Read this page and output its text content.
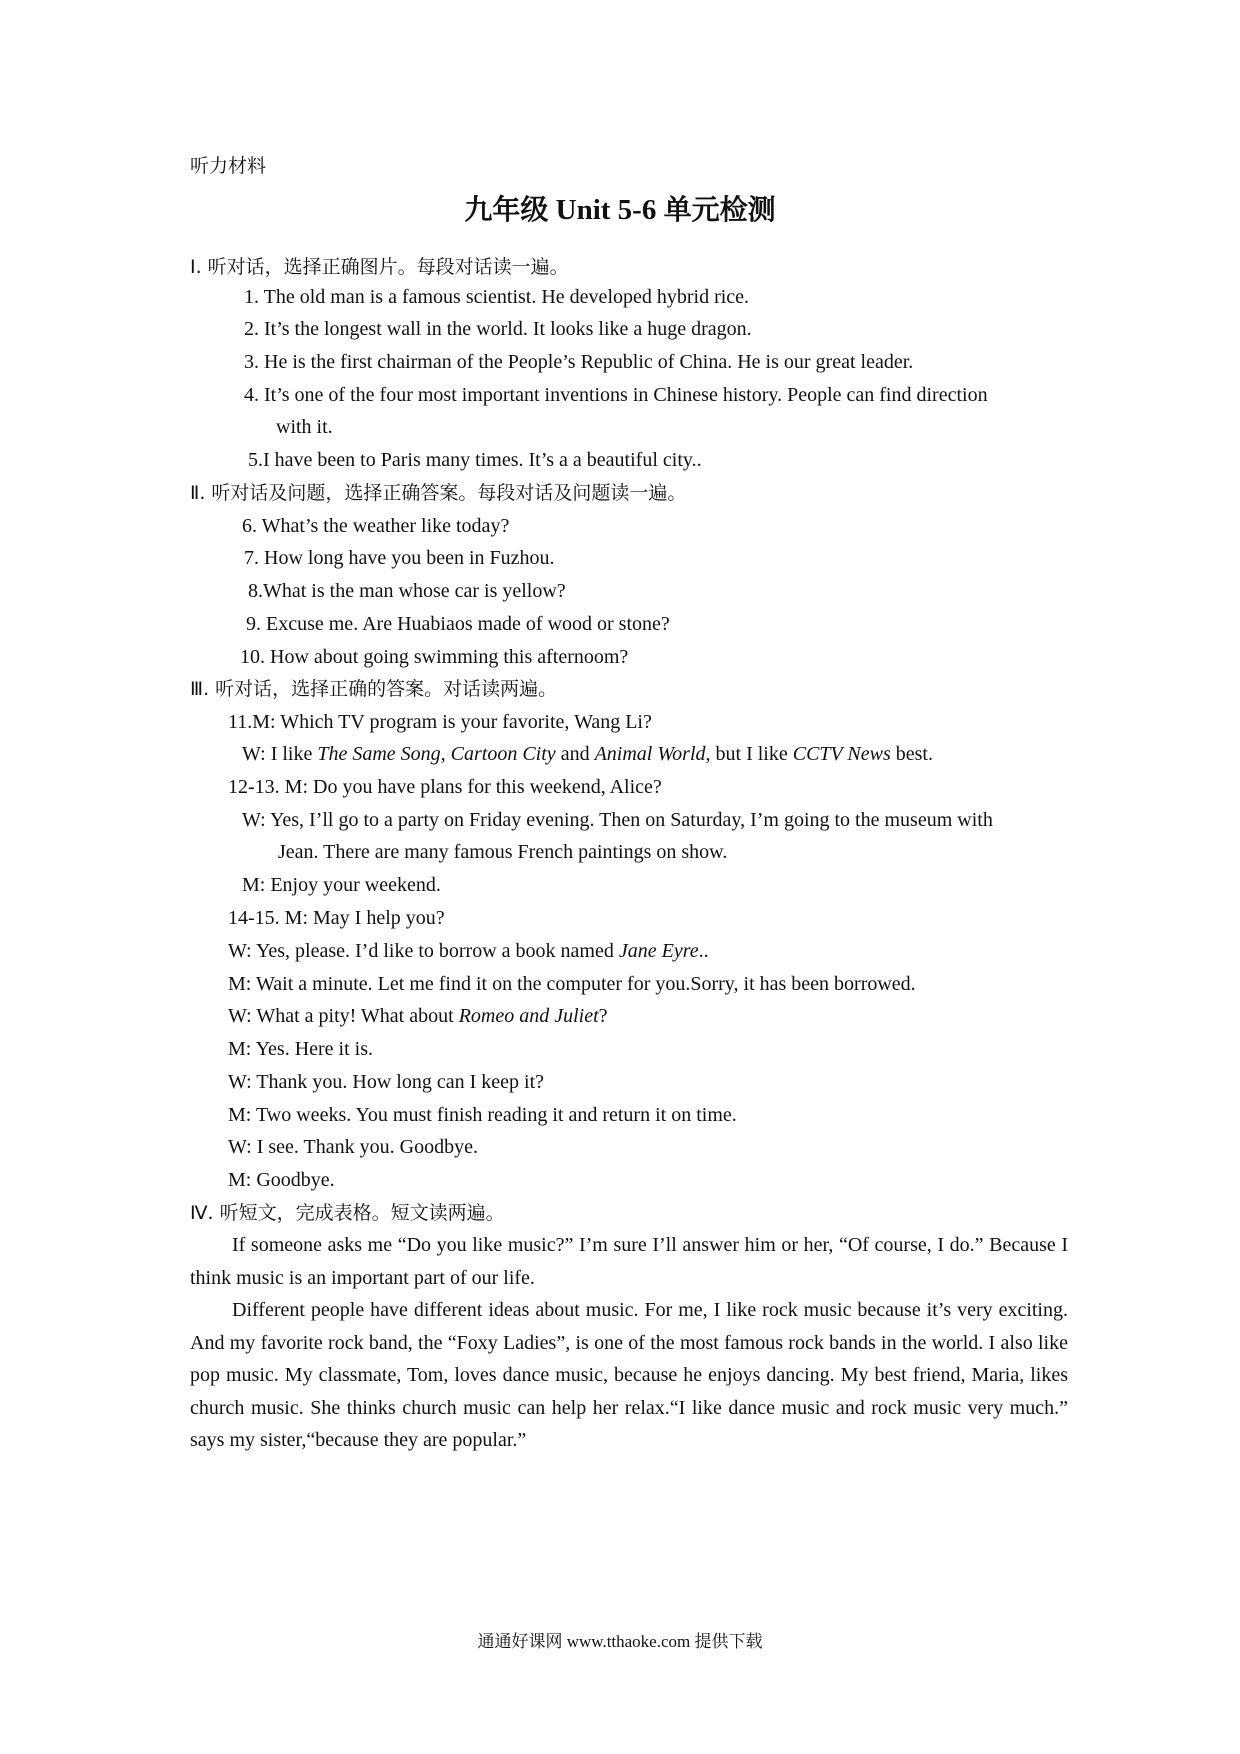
听力材料
九年级 Unit 5-6 单元检测
Ⅰ. 听对话，选择正确图片。每段对话读一遍。
1. The old man is a famous scientist. He developed hybrid rice.
2. It’s the longest wall in the world. It looks like a huge dragon.
3. He is the first chairman of the People’s Republic of China. He is our great leader.
4. It’s one of the four most important inventions in Chinese history. People can find direction
with it.
5.I have been to Paris many times. It’s a a beautiful city..
Ⅱ. 听对话及问题，选择正确答案。每段对话及问题读一遍。
6. What’s the weather like today?
7. How long have you been in Fuzhou.
8.What is the man whose car is yellow?
9. Excuse me. Are Huabiaos made of wood or stone?
10. How about going swimming this afternoom?
Ⅲ. 听对话，选择正确的答案。对话读两遍。
11.M: Which TV program is your favorite, Wang Li?
W: I like The Same Song, Cartoon City and Animal World, but I like CCTV News best.
12-13. M: Do you have plans for this weekend, Alice?
W: Yes, I’ll go to a party on Friday evening. Then on Saturday, I’m going to the museum with
Jean. There are many famous French paintings on show.
M: Enjoy your weekend.
14-15. M: May I help you?
W: Yes, please. I’d like to borrow a book named Jane Eyre..
M: Wait a minute. Let me find it on the computer for you.Sorry, it has been borrowed.
W: What a pity! What about Romeo and Juliet?
M: Yes. Here it is.
W: Thank you. How long can I keep it?
M: Two weeks. You must finish reading it and return it on time.
W: I see. Thank you. Goodbye.
M: Goodbye.
Ⅳ. 听短文，完成表格。短文读两遍。
If someone asks me “Do you like music?” I’m sure I’ll answer him or her, “Of course, I do.” Because I think music is an important part of our life.
Different people have different ideas about music. For me, I like rock music because it’s very exciting. And my favorite rock band, the “Foxy Ladies”, is one of the most famous rock bands in the world. I also like pop music. My classmate, Tom, loves dance music, because he enjoys dancing. My best friend, Maria, likes church music. She thinks church music can help her relax.“I like dance music and rock music very much.” says my sister,“because they are popular.”
通通好课网 www.tthaoke.com 提供下载
